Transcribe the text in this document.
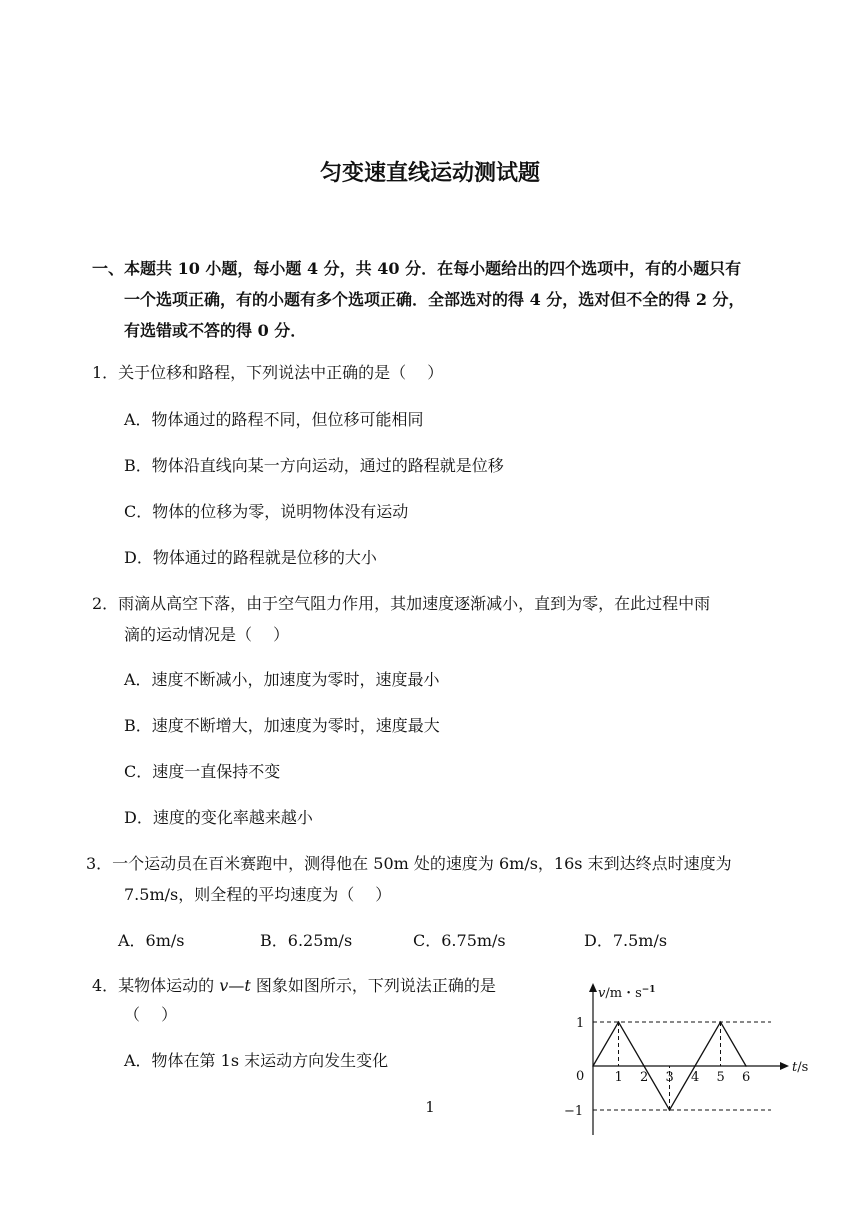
匀变速直线运动测试题
一、本题共 10 小题，每小题 4 分，共 40 分．在每小题给出的四个选项中，有的小题只有
一个选项正确，有的小题有多个选项正确．全部选对的得 4 分，选对但不全的得 2 分，
有选错或不答的得 0 分．
1．关于位移和路程，下列说法中正确的是（　 ）
A．物体通过的路程不同，但位移可能相同
B．物体沿直线向某一方向运动，通过的路程就是位移
C．物体的位移为零，说明物体没有运动
D．物体通过的路程就是位移的大小
2．雨滴从高空下落，由于空气阻力作用，其加速度逐渐减小，直到为零，在此过程中雨
滴的运动情况是（　 ）
A．速度不断减小，加速度为零时，速度最小
B．速度不断增大，加速度为零时，速度最大
C．速度一直保持不变
D．速度的变化率越来越小
3．一个运动员在百米赛跑中，测得他在 50m 处的速度为 6m/s，16s 末到达终点时速度为
7.5m/s，则全程的平均速度为（　 ）
A．6m/s	B．6.25m/s	C．6.75m/s	D．7.5m/s
4．某物体运动的 v—t 图象如图所示，下列说法正确的是
（　 ）
A．物体在第 1s 末运动方向发生变化
v/m・$s^{-1}$
t/s
0 1 2 3 4 5 6
1
−1
1
